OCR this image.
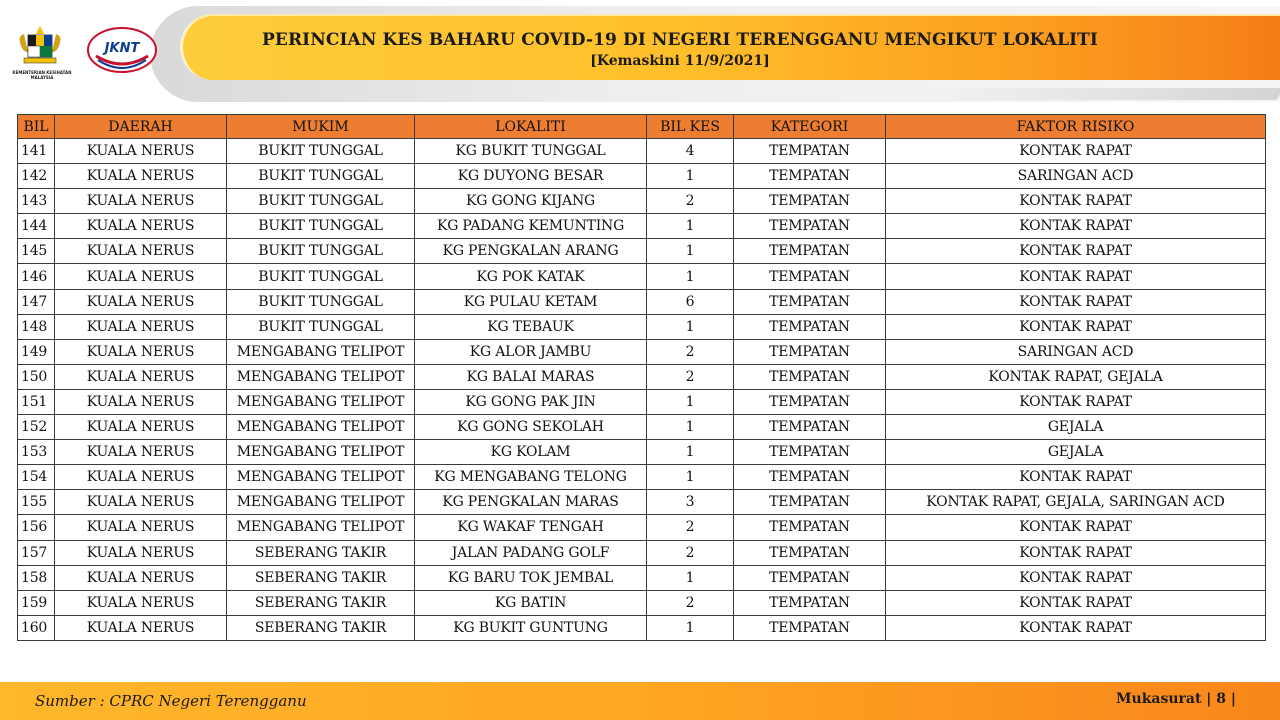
PERINCIAN KES BAHARU COVID-19 DI NEGERI TERENGGANU MENGIKUT LOKALITI
[Kemaskini 11/9/2021]
KEMENTERIAN KESIHATAN MALAYSIA
JKNT
BIL	DAERAH	MUKIM	LOKALITI	BIL KES	KATEGORI	FAKTOR RISIKO
141	KUALA NERUS	BUKIT TUNGGAL	KG BUKIT TUNGGAL	4	TEMPATAN	KONTAK RAPAT
142	KUALA NERUS	BUKIT TUNGGAL	KG DUYONG BESAR	1	TEMPATAN	SARINGAN ACD
143	KUALA NERUS	BUKIT TUNGGAL	KG GONG KIJANG	2	TEMPATAN	KONTAK RAPAT
144	KUALA NERUS	BUKIT TUNGGAL	KG PADANG KEMUNTING	1	TEMPATAN	KONTAK RAPAT
145	KUALA NERUS	BUKIT TUNGGAL	KG PENGKALAN ARANG	1	TEMPATAN	KONTAK RAPAT
146	KUALA NERUS	BUKIT TUNGGAL	KG POK KATAK	1	TEMPATAN	KONTAK RAPAT
147	KUALA NERUS	BUKIT TUNGGAL	KG PULAU KETAM	6	TEMPATAN	KONTAK RAPAT
148	KUALA NERUS	BUKIT TUNGGAL	KG TEBAUK	1	TEMPATAN	KONTAK RAPAT
149	KUALA NERUS	MENGABANG TELIPOT	KG ALOR JAMBU	2	TEMPATAN	SARINGAN ACD
150	KUALA NERUS	MENGABANG TELIPOT	KG BALAI MARAS	2	TEMPATAN	KONTAK RAPAT, GEJALA
151	KUALA NERUS	MENGABANG TELIPOT	KG GONG PAK JIN	1	TEMPATAN	KONTAK RAPAT
152	KUALA NERUS	MENGABANG TELIPOT	KG GONG SEKOLAH	1	TEMPATAN	GEJALA
153	KUALA NERUS	MENGABANG TELIPOT	KG KOLAM	1	TEMPATAN	GEJALA
154	KUALA NERUS	MENGABANG TELIPOT	KG MENGABANG TELONG	1	TEMPATAN	KONTAK RAPAT
155	KUALA NERUS	MENGABANG TELIPOT	KG PENGKALAN MARAS	3	TEMPATAN	KONTAK RAPAT, GEJALA, SARINGAN ACD
156	KUALA NERUS	MENGABANG TELIPOT	KG WAKAF TENGAH	2	TEMPATAN	KONTAK RAPAT
157	KUALA NERUS	SEBERANG TAKIR	JALAN PADANG GOLF	2	TEMPATAN	KONTAK RAPAT
158	KUALA NERUS	SEBERANG TAKIR	KG BARU TOK JEMBAL	1	TEMPATAN	KONTAK RAPAT
159	KUALA NERUS	SEBERANG TAKIR	KG BATIN	2	TEMPATAN	KONTAK RAPAT
160	KUALA NERUS	SEBERANG TAKIR	KG BUKIT GUNTUNG	1	TEMPATAN	KONTAK RAPAT
Sumber : CPRC Negeri Terengganu	Mukasurat | 8 |
